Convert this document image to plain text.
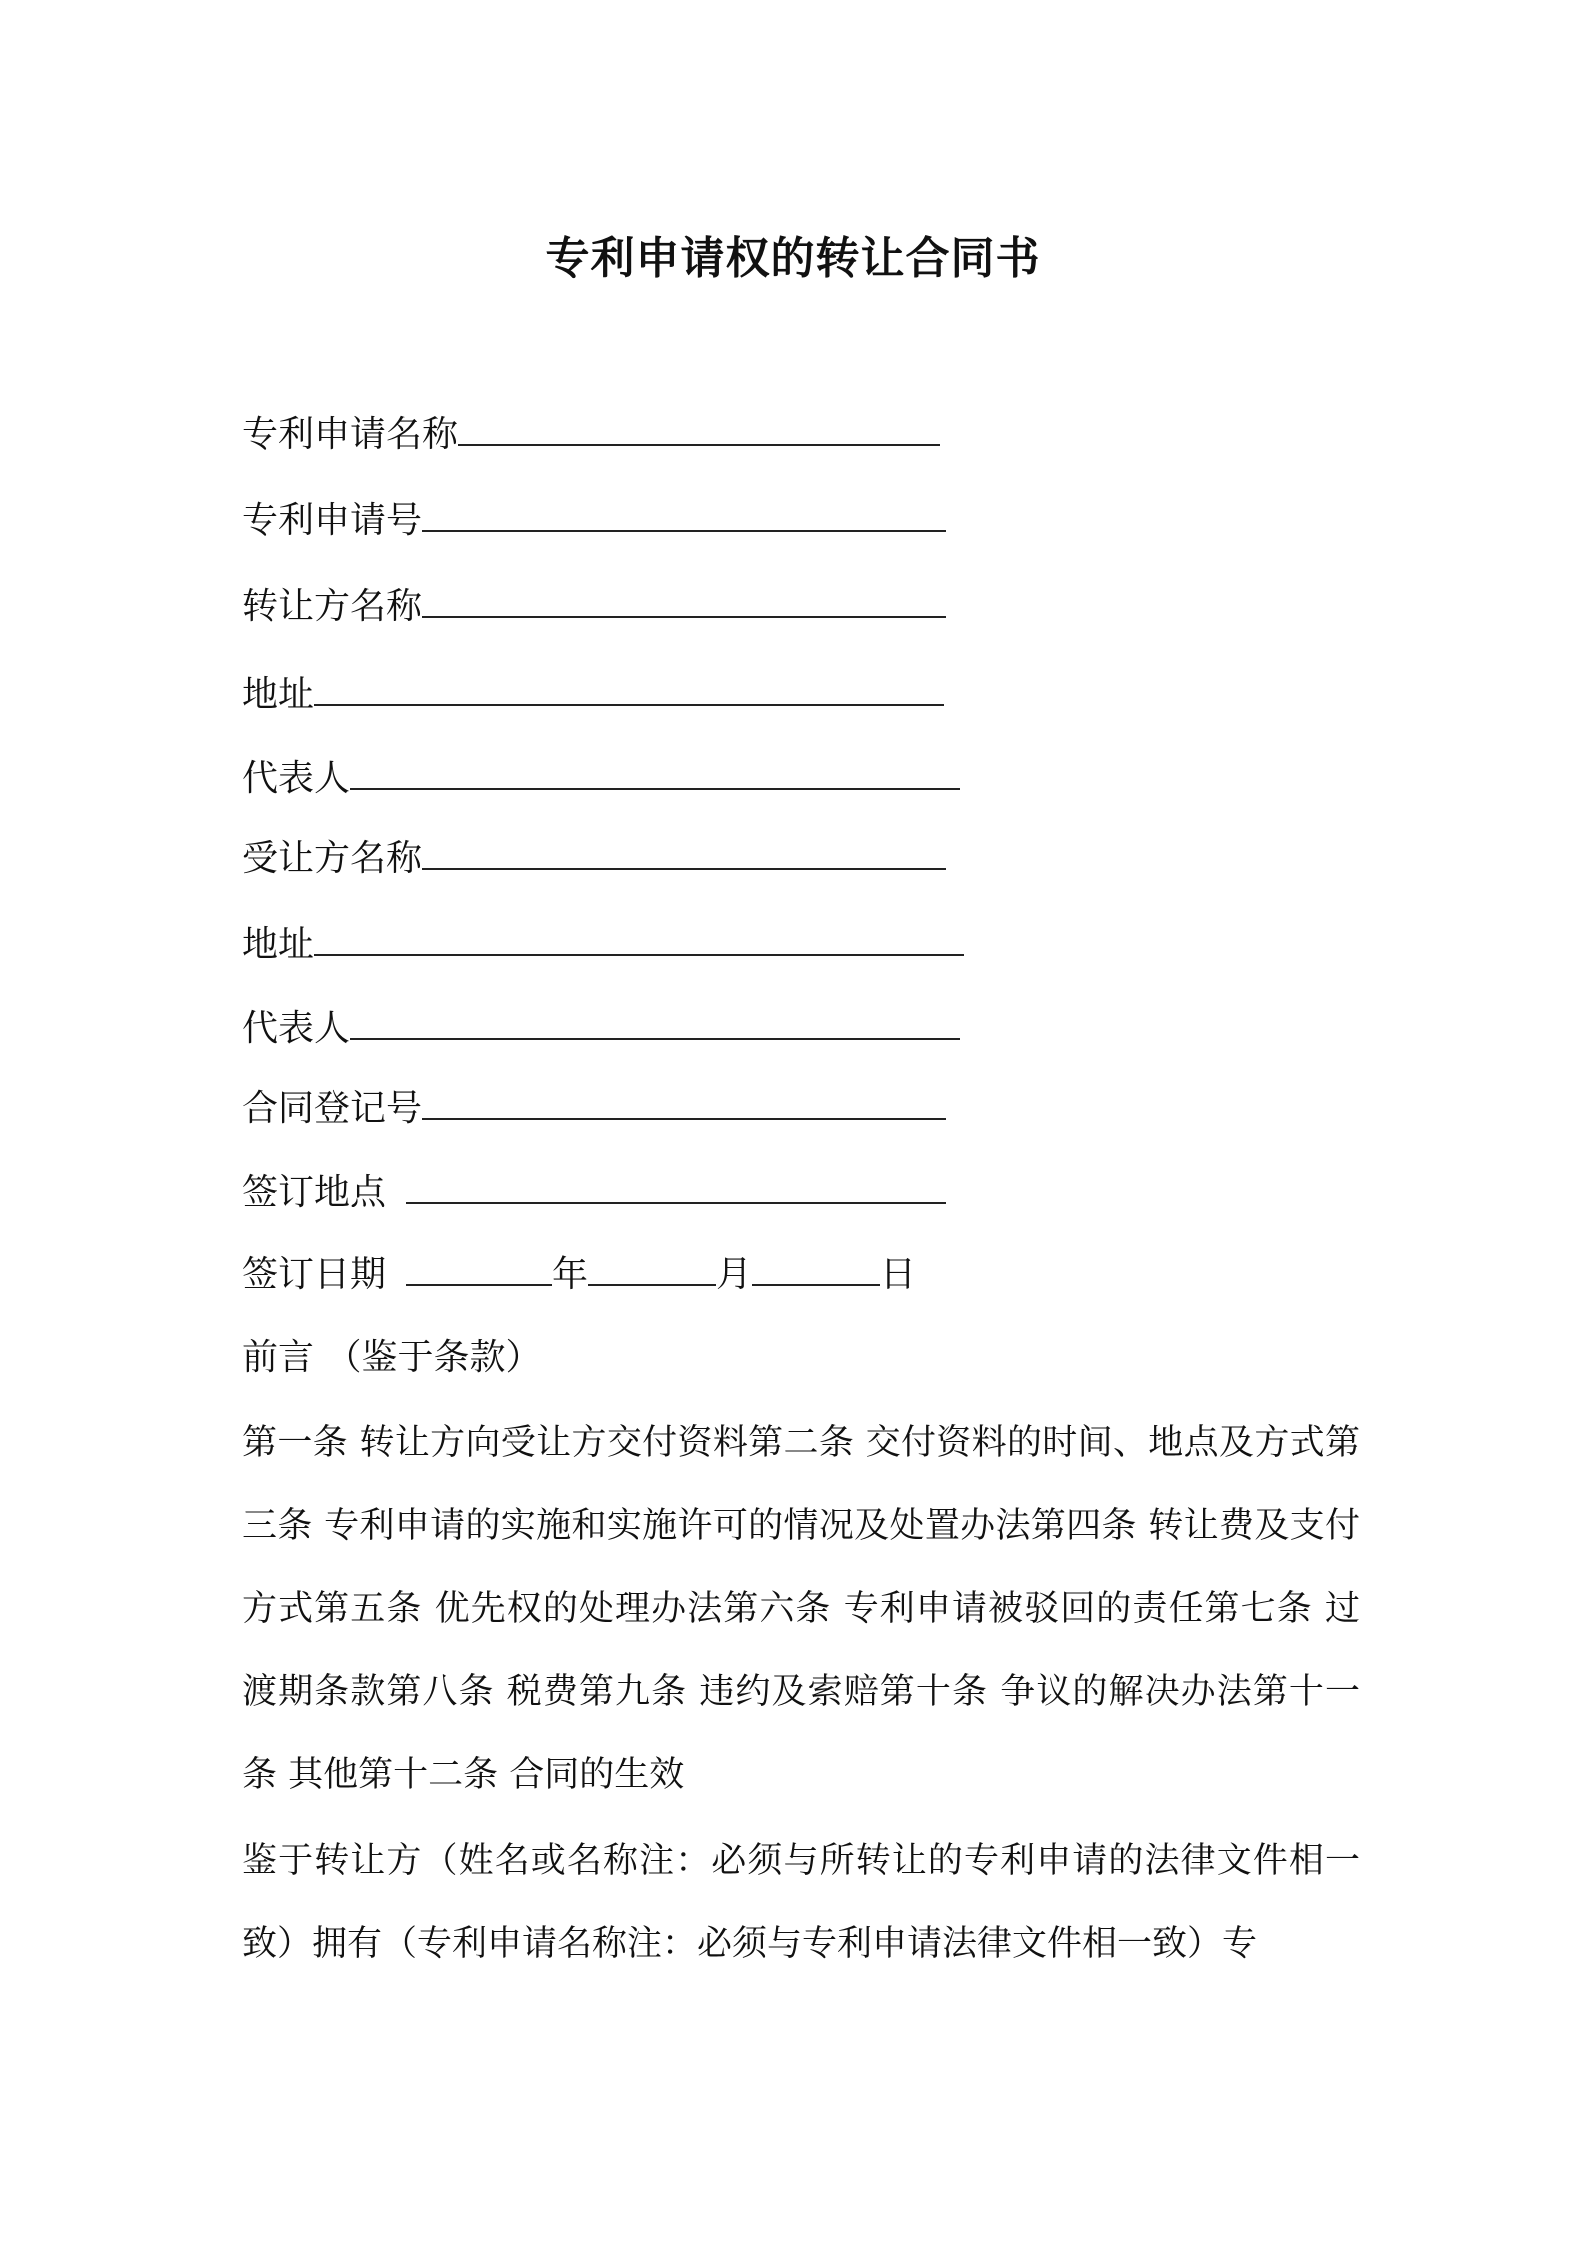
专利申请权的转让合同书
专利申请名称
专利申请号
转让方名称
地址
代表人
受让方名称
地址
代表人
合同登记号
签订地点
签订日期	年	月	日
前言 （鉴于条款）
第一条 转让方向受让方交付资料第二条 交付资料的时间、地点及方式第三条 专利申请的实施和实施许可的情况及处置办法第四条 转让费及支付方式第五条 优先权的处理办法第六条 专利申请被驳回的责任第七条 过渡期条款第八条 税费第九条 违约及索赔第十条 争议的解决办法第十一条 其他第十二条 合同的生效
鉴于转让方（姓名或名称注：必须与所转让的专利申请的法律文件相一致）拥有（专利申请名称注：必须与专利申请法律文件相一致）专
